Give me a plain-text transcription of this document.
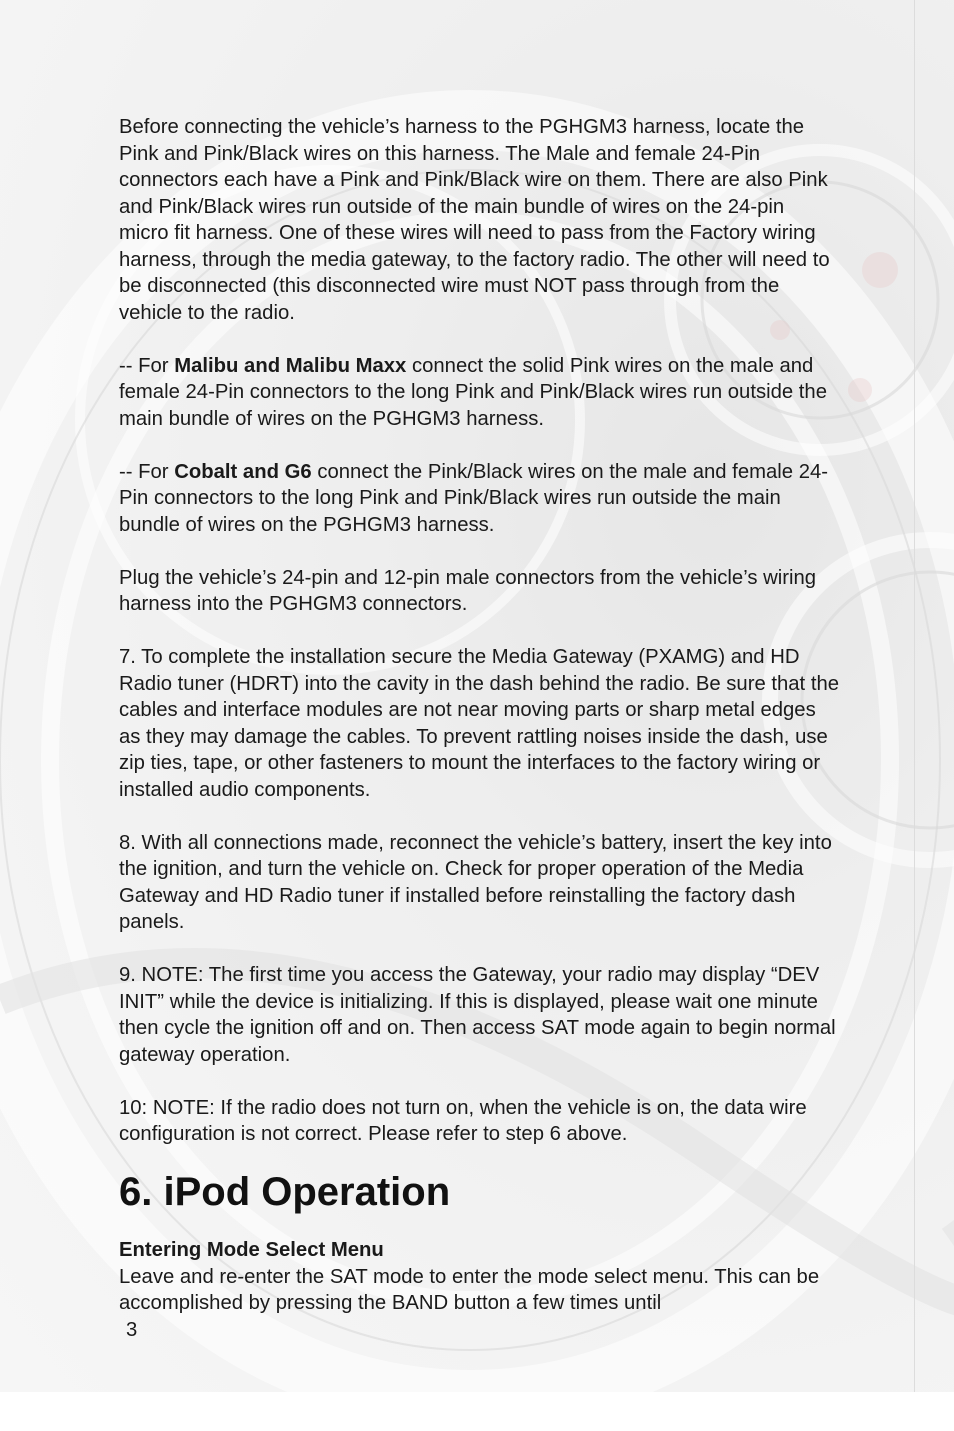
Before connecting the vehicle’s harness to the PGHGM3 harness, locate the Pink and Pink/Black wires on this harness. The Male and female 24-Pin connectors each have a Pink and Pink/Black wire on them. There are also Pink and Pink/Black wires run outside of the main bundle of wires on the 24-pin micro fit harness. One of these wires will need to pass from the Factory wiring harness, through the media gateway, to the factory radio. The other will need to be disconnected (this disconnected wire must NOT pass through from the vehicle to the radio.

-- For Malibu and Malibu Maxx connect the solid Pink wires on the male and female 24-Pin connectors to the long Pink and Pink/Black wires run outside the main bundle of wires on the PGHGM3 harness.

-- For Cobalt and G6 connect the Pink/Black wires on the male and female 24-Pin connectors to the long Pink and Pink/Black wires run outside the main bundle of wires on the PGHGM3 harness.

Plug the vehicle’s 24-pin and 12-pin male connectors from the vehicle’s wiring harness into the PGHGM3 connectors.

7. To complete the installation secure the Media Gateway (PXAMG) and HD Radio tuner (HDRT) into the cavity in the dash behind the radio. Be sure that the cables and interface modules are not near moving parts or sharp metal edges as they may damage the cables. To prevent rattling noises inside the dash, use zip ties, tape, or other fasteners to mount the interfaces to the factory wiring or installed audio components.

8. With all connections made, reconnect the vehicle’s battery, insert the key into the ignition, and turn the vehicle on. Check for proper operation of the Media Gateway and HD Radio tuner if installed before reinstalling the factory dash panels.

9. NOTE: The first time you access the Gateway, your radio may display “DEV INIT” while the device is initializing. If this is displayed, please wait one minute then cycle the ignition off and on. Then access SAT mode again to begin normal gateway operation.

10: NOTE: If the radio does not turn on, when the vehicle is on, the data wire configuration is not correct. Please refer to step 6 above.

6. iPod Operation
Entering Mode Select Menu
Leave and re-enter the SAT mode to enter the mode select menu. This can be accomplished by pressing the BAND button a few times until
3
